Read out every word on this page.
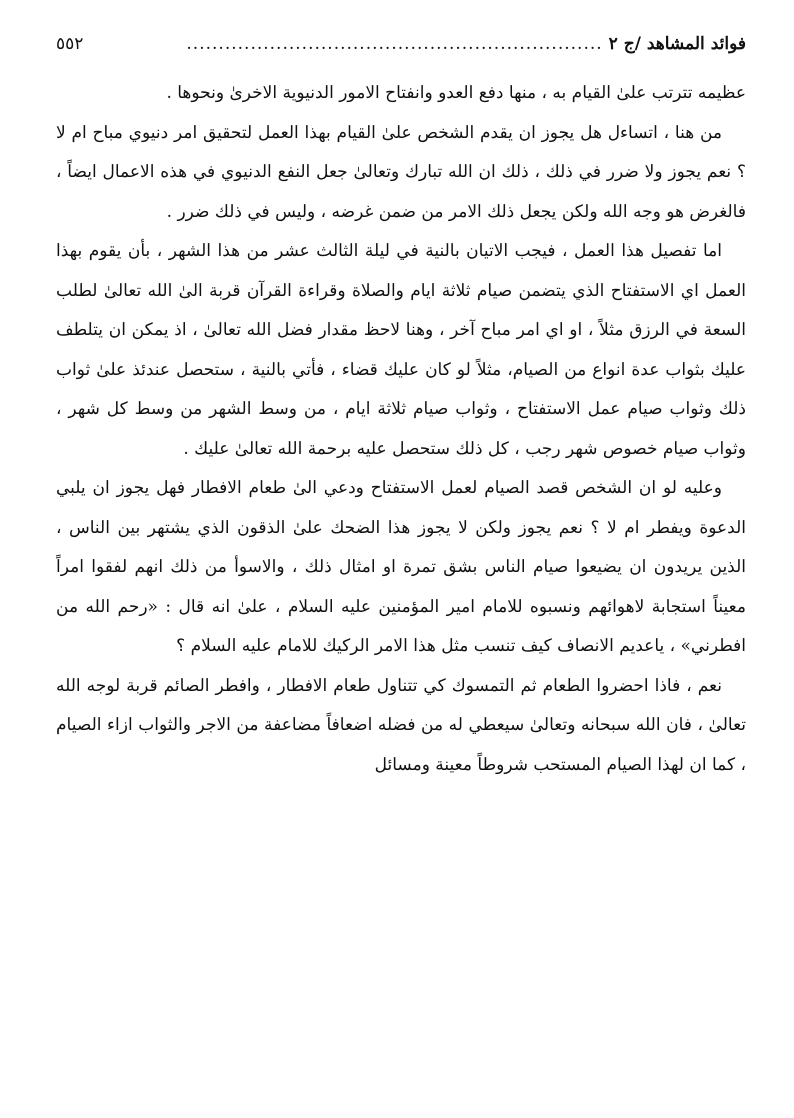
فوائد المشاهد /ج ٢
.................................................................
٥٥٢

عظيمه تترتب علىٰ القيام به ، منها دفع العدو وانفتاح الامور الدنيوية الاخرىٰ ونحوها .

من هنا ، اتساءل هل يجوز ان يقدم الشخص علىٰ القيام بهذا العمل لتحقيق امر دنيوي مباح ام لا ؟ نعم يجوز ولا ضرر في ذلك ، ذلك ان الله تبارك وتعالىٰ جعل النفع الدنيوي في هذه الاعمال ايضاً ، فالغرض هو وجه الله ولكن يجعل ذلك الامر من ضمن غرضه ، وليس في ذلك ضرر .

اما تفصيل هذا العمل ، فيجب الاتيان بالنية في ليلة الثالث عشر من هذا الشهر ، بأن يقوم بهذا العمل اي الاستفتاح الذي يتضمن صيام ثلاثة ايام والصلاة وقراءة القرآن قربة الىٰ الله تعالىٰ لطلب السعة في الرزق مثلاً ، او اي امر مباح آخر ، وهنا لاحظ مقدار فضل الله تعالىٰ ، اذ يمكن ان يتلطف عليك بثواب عدة انواع من الصيام، مثلاً لو كان عليك قضاء ، فأتي بالنية ، ستحصل عندئذ علىٰ ثواب ذلك وثواب صيام عمل الاستفتاح ، وثواب صيام ثلاثة ايام ، من وسط الشهر من وسط كل شهر ، وثواب صيام خصوص شهر رجب ، كل ذلك ستحصل عليه برحمة الله تعالىٰ عليك .

وعليه لو ان الشخص قصد الصيام لعمل الاستفتاح ودعي الىٰ طعام الافطار فهل يجوز ان يلبي الدعوة ويفطر ام لا ؟ نعم يجوز ولكن لا يجوز هذا الضحك علىٰ الذقون الذي يشتهر بين الناس ، الذين يريدون ان يضيعوا صيام الناس بشق تمرة او امثال ذلك ، والاسوأ من ذلك انهم لفقوا امراً معيناً استجابة لاهوائهم ونسبوه للامام امير المؤمنين عليه السلام ، علىٰ انه قال : «رحم الله من افطرني» ، ياعديم الانصاف كيف تنسب مثل هذا الامر الركيك للامام عليه السلام ؟

نعم ، فاذا احضروا الطعام ثم التمسوك كي تتناول طعام الافطار ، وافطر الصائم قربة لوجه الله تعالىٰ ، فان الله سبحانه وتعالىٰ سيعطي له من فضله اضعافاً مضاعفة من الاجر والثواب ازاء الصيام ، كما ان لهذا الصيام المستحب شروطاً معينة ومسائل
